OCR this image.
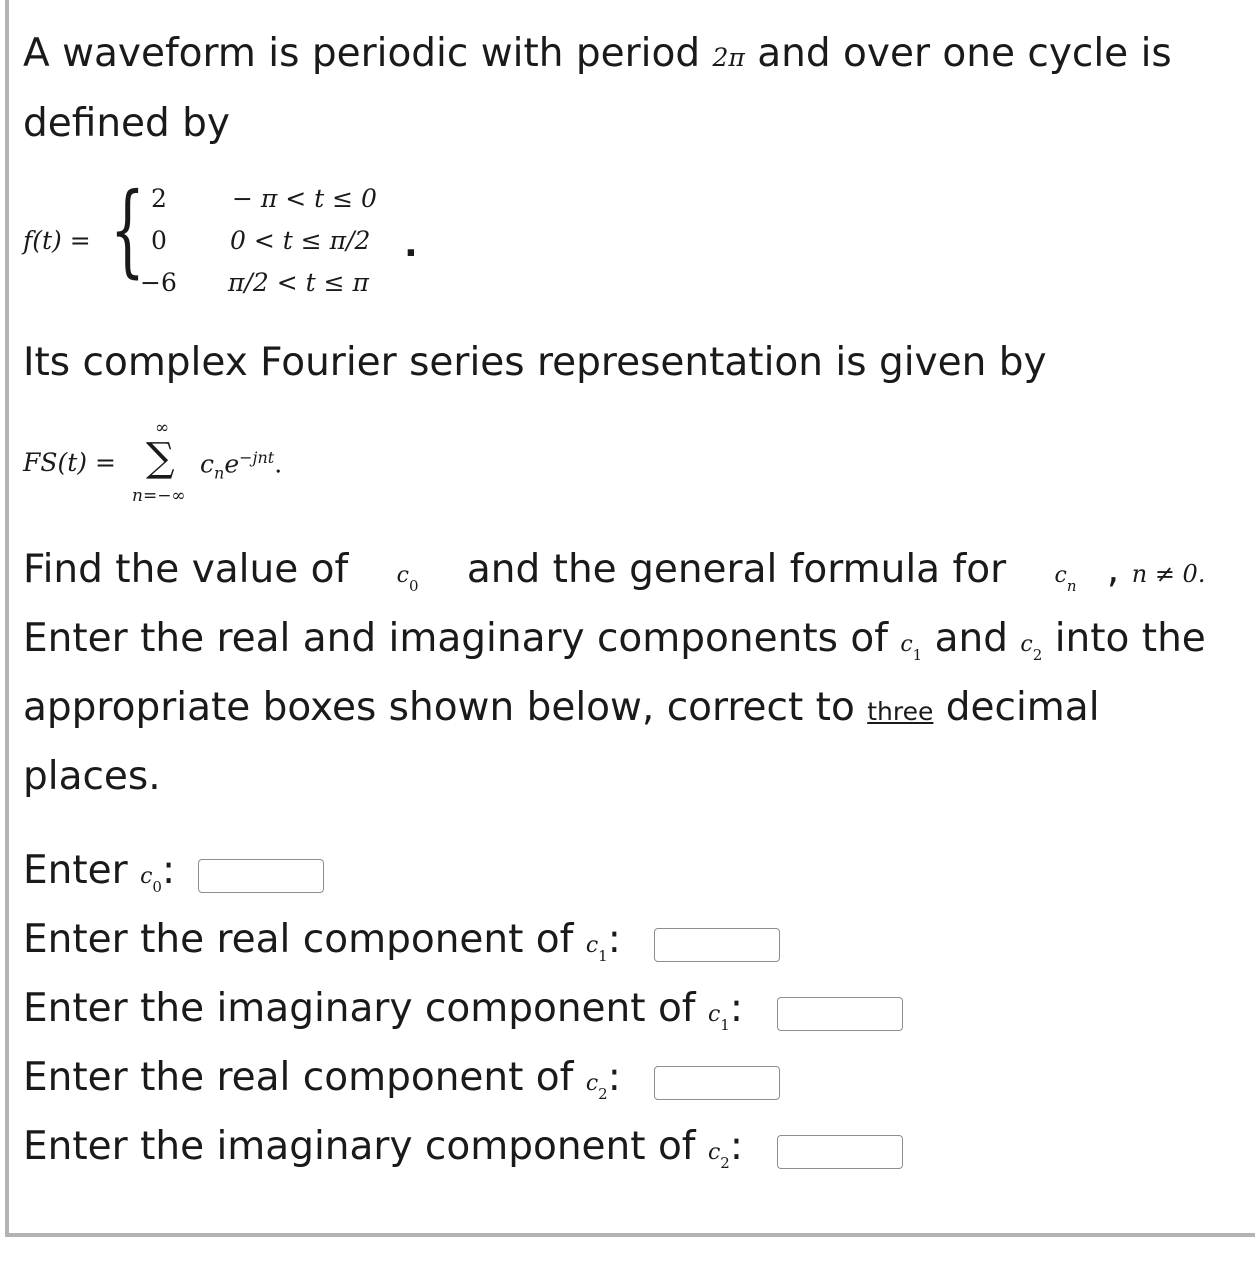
A waveform is periodic with period 2π and over one cycle is
defined by
f(t) = { 2
0
−6
− π < t ≤ 0
0 < t ≤ π/2
π/2 < t ≤ π
.
Its complex Fourier series representation is given by
FS(t) =
∞
∑
n=−∞
$c_ne^{-jnt}$.
Find the value of $c_0$ and the general formula for $c_n$ , n ≠ 0.
Enter the real and imaginary components of $c_1$ and $c_2$ into the
appropriate boxes shown below, correct to three decimal
places.
Enter $c_0$:
Enter the real component of $c_1$:
Enter the imaginary component of $c_1$:
Enter the real component of $c_2$:
Enter the imaginary component of $c_2$:
